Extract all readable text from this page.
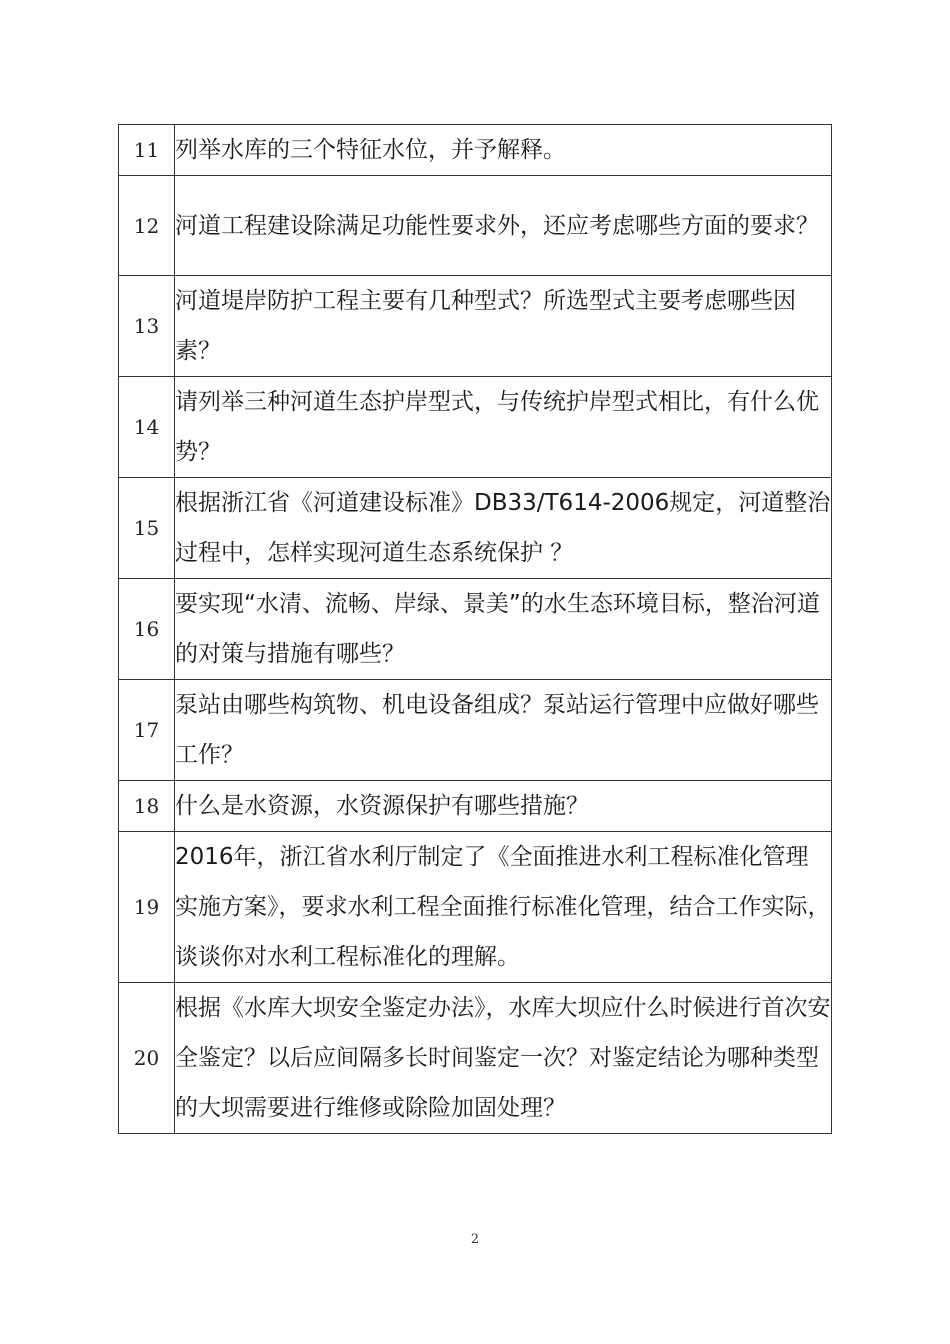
11	列举水库的三个特征水位，并予解释。
12	河道工程建设除满足功能性要求外，还应考虑哪些方面的要求？
13	河道堤岸防护工程主要有几种型式？所选型式主要考虑哪些因素？
14	请列举三种河道生态护岸型式，与传统护岸型式相比，有什么优势？
15	根据浙江省《河道建设标准》DB33/T614-2006规定，河道整治过程中，怎样实现河道生态系统保护 ？
16	要实现“水清、流畅、岸绿、景美”的水生态环境目标，整治河道的对策与措施有哪些？
17	泵站由哪些构筑物、机电设备组成？泵站运行管理中应做好哪些工作？
18	什么是水资源，水资源保护有哪些措施？
19	2016年，浙江省水利厅制定了《全面推进水利工程标准化管理实施方案》，要求水利工程全面推行标准化管理，结合工作实际，谈谈你对水利工程标准化的理解。
20	根据《水库大坝安全鉴定办法》，水库大坝应什么时候进行首次安全鉴定？以后应间隔多长时间鉴定一次？对鉴定结论为哪种类型的大坝需要进行维修或除险加固处理？
2
